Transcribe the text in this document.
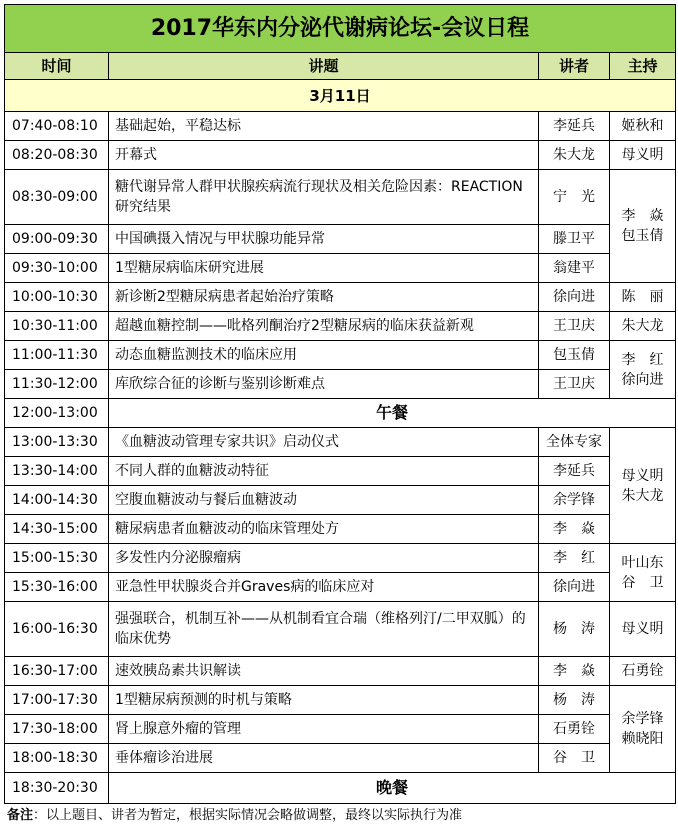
2017华东内分泌代谢病论坛-会议日程			
时间	讲题	讲者	主持
3月11日			
07:40-08:10	基础起始，平稳达标	李延兵	姬秋和

08:20-08:30	开幕式	朱大龙	母义明

08:30-09:00	糖代谢异常人群甲状腺疾病流行现状及相关危险因素：REACTION研究结果	宁　光	李　焱
包玉倩

09:00-09:30	中国碘摄入情况与甲状腺功能异常	滕卫平	
09:30-10:00	1型糖尿病临床研究进展	翁建平	
10:00-10:30	新诊断2型糖尿病患者起始治疗策略	徐向进	陈　丽

10:30-11:00	超越血糖控制——吡格列酮治疗2型糖尿病的临床获益新观	王卫庆	朱大龙

11:00-11:30	动态血糖监测技术的临床应用	包玉倩	李　红
徐向进

11:30-12:00	库欣综合征的诊断与鉴别诊断难点	王卫庆	
12:00-13:00	午餐		
13:00-13:30	《血糖波动管理专家共识》启动仪式	全体专家	母义明
朱大龙

13:30-14:00	不同人群的血糖波动特征	李延兵	
14:00-14:30	空腹血糖波动与餐后血糖波动	余学锋	
14:30-15:00	糖尿病患者血糖波动的临床管理处方	李　焱	
15:00-15:30	多发性内分泌腺瘤病	李　红	叶山东
谷　卫

15:30-16:00	亚急性甲状腺炎合并Graves病的临床应对	徐向进	
16:00-16:30	强强联合，机制互补——从机制看宜合瑞（维格列汀/二甲双胍）的临床优势	杨　涛	母义明

16:30-17:00	速效胰岛素共识解读	李　焱	石勇铨

17:00-17:30	1型糖尿病预测的时机与策略	杨　涛	余学锋
赖晓阳

17:30-18:00	肾上腺意外瘤的管理	石勇铨	
18:00-18:30	垂体瘤诊治进展	谷　卫	
18:30-20:30	晚餐		
备注：以上题目、讲者为暂定，根据实际情况会略做调整，最终以实际执行为准
